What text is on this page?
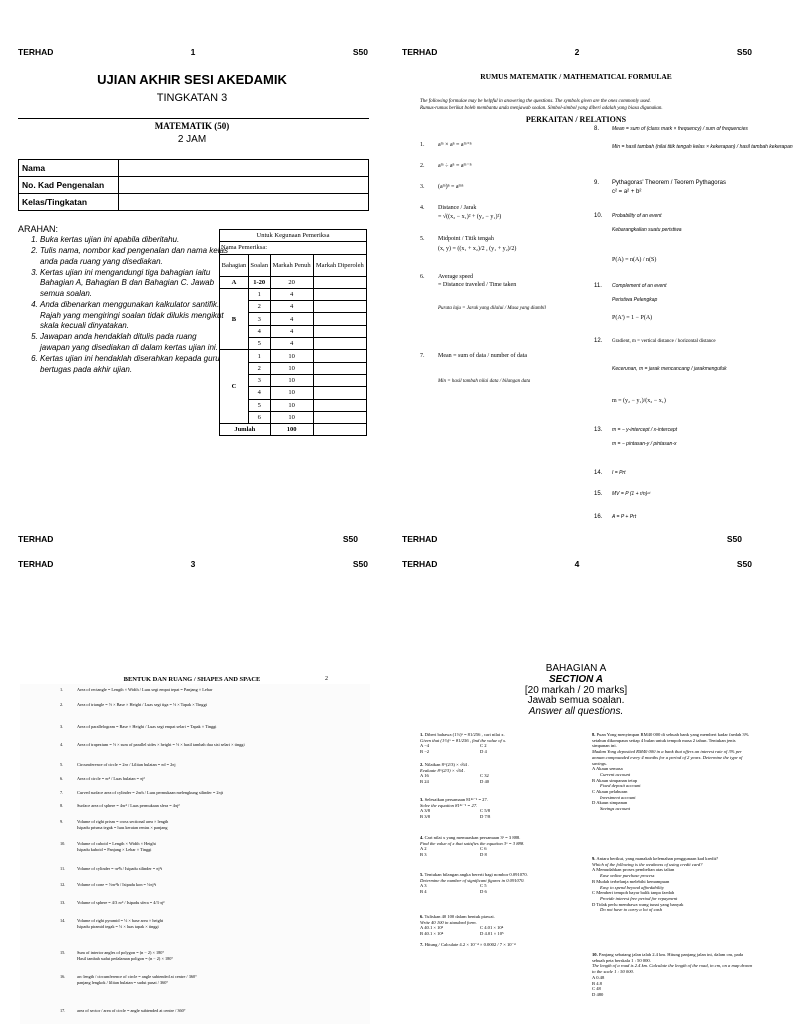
TERHAD	1	S50
UJIAN AKHIR SESI AKEDAMIK
TINGKATAN 3
MATEMATIK (50)
2 JAM
Nama	
No. Kad Pengenalan	
Kelas/Tingkatan	
ARAHAN:
1. Buka kertas ujian ini apabila diberitahu.
2. Tulis nama, nombor kad pengenalan dan nama kelas anda pada ruang yang disediakan.
3. Kertas ujian ini mengandungi tiga bahagian iaitu Bahagian A, Bahagian B dan Bahagian C. Jawab semua soalan.
4. Anda dibenarkan menggunakan kalkulator santifik. Rajah yang mengiringi soalan tidak dilukis mengikut skala kecuali dinyatakan.
5. Jawapan anda hendaklah ditulis pada ruang jawapan yang disediakan di dalam kertas ujian ini.
6. Kertas ujian ini hendaklah diserahkan kepada guru bertugas pada akhir ujian.
Untuk Kegunaan Pemeriksa			
Nama Pemeriksa:			
Bahagian	Soalan	Markah Penuh	Markah Diperoleh
A	1-20	20	
B	1	4	
	2	4	
	3	4	
	4	4	
	5	4	
C	1	10	
	2	10	
	3	10	
	4	10	
	5	10	
	6	10	
Jumlah		100	
TERHAD	S50
TERHAD	2	S50
RUMUS MATEMATIK / MATHEMATICAL FORMULAE
The following formulae may be helpful in answering the questions. The symbols given are the ones commonly used.
Rumus-rumus berikut boleh membantu anda menjawab soalan. Simbol-simbol yang diberi adalah yang biasa digunakan.
PERKAITAN / RELATIONS
1. aᵐ × aⁿ = aᵐ⁺ⁿ
2. aᵐ ÷ aⁿ = aᵐ⁻ⁿ
3. (aᵐ)ⁿ = aᵐⁿ
4. Distance / Jarak
= √((x₂ − x₁)² + (y₂ − y₁)²)
5. Midpoint / Titik tengah
(x, y) = ((x₁ + x₂)/2 , (y₁ + y₂)/2)
6. Average speed
= Distance traveled / Time taken
Purata laju = Jarak yang dilalui / Masa yang diambil
7. Mean = sum of data / number of data
Min = hasil tambah nilai data / bilangan data
8.	Mean = sum of (class mark × frequency) / sum of frequencies
Min = hasil tambah (nilai titik tengah kelas × kekerapan) / hasil tambah kekerapan
9. Pythagoras' Theorem / Teorem Pythagoras
c² = a² + b²
10. Probability of an event
Kebarangkalian suatu peristiwa
P(A) = n(A) / n(S)
11. Complement of an event
Peristiwa Pelengkap
P(A') = 1 − P(A)
12. Gradient, m = vertical distance / horizontal distance
Kecerunan, m = jarak mencancang / jarakmengufuk
m = (y₂ − y₁)/(x₂ − x₁)
13. m = − y-intercept / x-intercept
m = − pintasan-y / pintasan-x
14. I = Prt
15. MV = P (1 + r/n)ⁿᵗ
16. A = P + Prt
TERHAD	S50
TERHAD	3	S50
BENTUK DAN RUANG / SHAPES AND SPACE	2
1.	Area of rectangle = Length × Width / Luas segi empat tepat = Panjang × Lebar
2.	Area of triangle = ½ × Base × Height / Luas segi tiga = ½ × Tapak × Tinggi
3.	Area of parallelogram = Base × Height / Luas segi empat selari = Tapak × Tinggi
4.	Area of trapezium = ½ × sum of parallel sides × height = ½ × hasil tambah dua sisi selari × tinggi
5.	Circumference of circle = 2πr / Lilitan bulatan = πd = 2πj
6.	Area of circle = πr² / Luas bulatan = πj²
7.	Curved surface area of cylinder = 2πrh / Luas permukaan melengkung silinder = 2πjt
8.	Surface area of sphere = 4πr² / Luas permukaan sfera = 4πj²
9.	Volume of right prism = cross sectional area × length
Isipadu prisma tegak = luas keratan rentas × panjang
10.	Volume of cuboid = Length × Width × Height
Isipadu kuboid = Panjang × Lebar × Tinggi
11.	Volume of cylinder = πr²h / Isipadu silinder = πj²t
12.	Volume of cone = ⅓πr²h / Isipadu kon = ⅓πj²t
13.	Volume of sphere = 4/3 πr³ / Isipadu sfera = 4/3 πj³
14.	Volume of right pyramid = ⅓ × base area × height
Isipadu piramid tegak = ⅓ × luas tapak × tinggi
15.	Sum of interior angles of polygon = (n − 2) × 180°
Hasil tambah sudut pedalaman poligon = (n − 2) × 180°
16.	arc length / circumference of circle = angle subtended at centre / 360°
panjang lengkok / lilitan bulatan = sudut pusat / 360°
17.	area of sector / area of circle = angle subtended at centre / 360°
TERHAD	4	S50
BAHAGIAN A
SECTION A
[20 markah / 20 marks]
Jawab semua soalan.
Answer all questions.
1. Diberi bahawa (1⅓)ˣ = 81/256 , cari nilai x.
Given that (1⅓)ˣ = 81/256 , find the value of x.
A −4	C 2
B −2	D 4
2. Nilaikan 8^(2/3) × √64 .
Evaluate 8^(2/3) × √64 .
A 16	C 32
B 24	D 40
3. Selesaikan persamaan 81²ˣ⁻¹ = 27.
Solve the equation 81²ˣ⁻¹ = 27.
A 3/8	C 5/8
B 3/8	D 7/8
4. Cari nilai x yang memuaskan persamaan 3ˣ = 3 888.
Find the value of x that satisfies the equation 3ˣ = 3 888.
A 2	C 6
B 3	D 8
5. Tentukan bilangan angka bererti bagi nombor 0.091070.
Determine the number of significant figures in 0.091070.
A 3	C 5
B 4	D 6
6. Tuliskan 40 100 dalam bentuk piawai.
Write 40 100 in standard form.
A 40.1 × 10³	C 4.01 × 10⁴
B 40.1 × 10⁴	D 4.01 × 10⁵
7. Hitung / Calculate 4.2 × 10⁻⁴ × 0.0002 / 7 × 10⁻⁴
8. Puan Yong menyimpan RM40 000 di sebuah bank yang memberi kadar faedah 3% setahun dikompaun setiap 4 bulan untuk tempoh masa 2 tahun. Tentukan jenis simpanan ini.
Madam Yong deposited RM40 000 in a bank that offers an interest rate of 3% per annum compounded every 4 months for a period of 2 years. Determine the type of savings.
A Akaun semasa
Current account
B Akaun simpanan tetap
Fixed deposit account
C Akaun pelaburan
Investment account
D Akaun simpanan
Savings account
9. Antara berikut, yang manakah kelemahan penggunaan kad kredit?
Which of the following is the weakness of using credit card?
A Memudahkan proses pembelian atas talian
Ease online purchase process
B Mudah terbelanja melebihi kemampuan
Easy to spend beyond affordability
C Memberi tempoh bayar balik tanpa faedah
Provide interest free period for repayment
D Tidak perlu membawa wang tunai yang banyak
Do not have to carry a lot of cash
10. Panjang sebatang jalan ialah 2.4 km. Hitung panjang jalan ini, dalam cm, pada sebuah peta berskala 1 : 50 000.
The length of a road is 2.4 km. Calculate the length of the road, in cm, on a map drawn to the scale 1 : 50 000.
A 0.48
B 4.8
C 48
D 480
